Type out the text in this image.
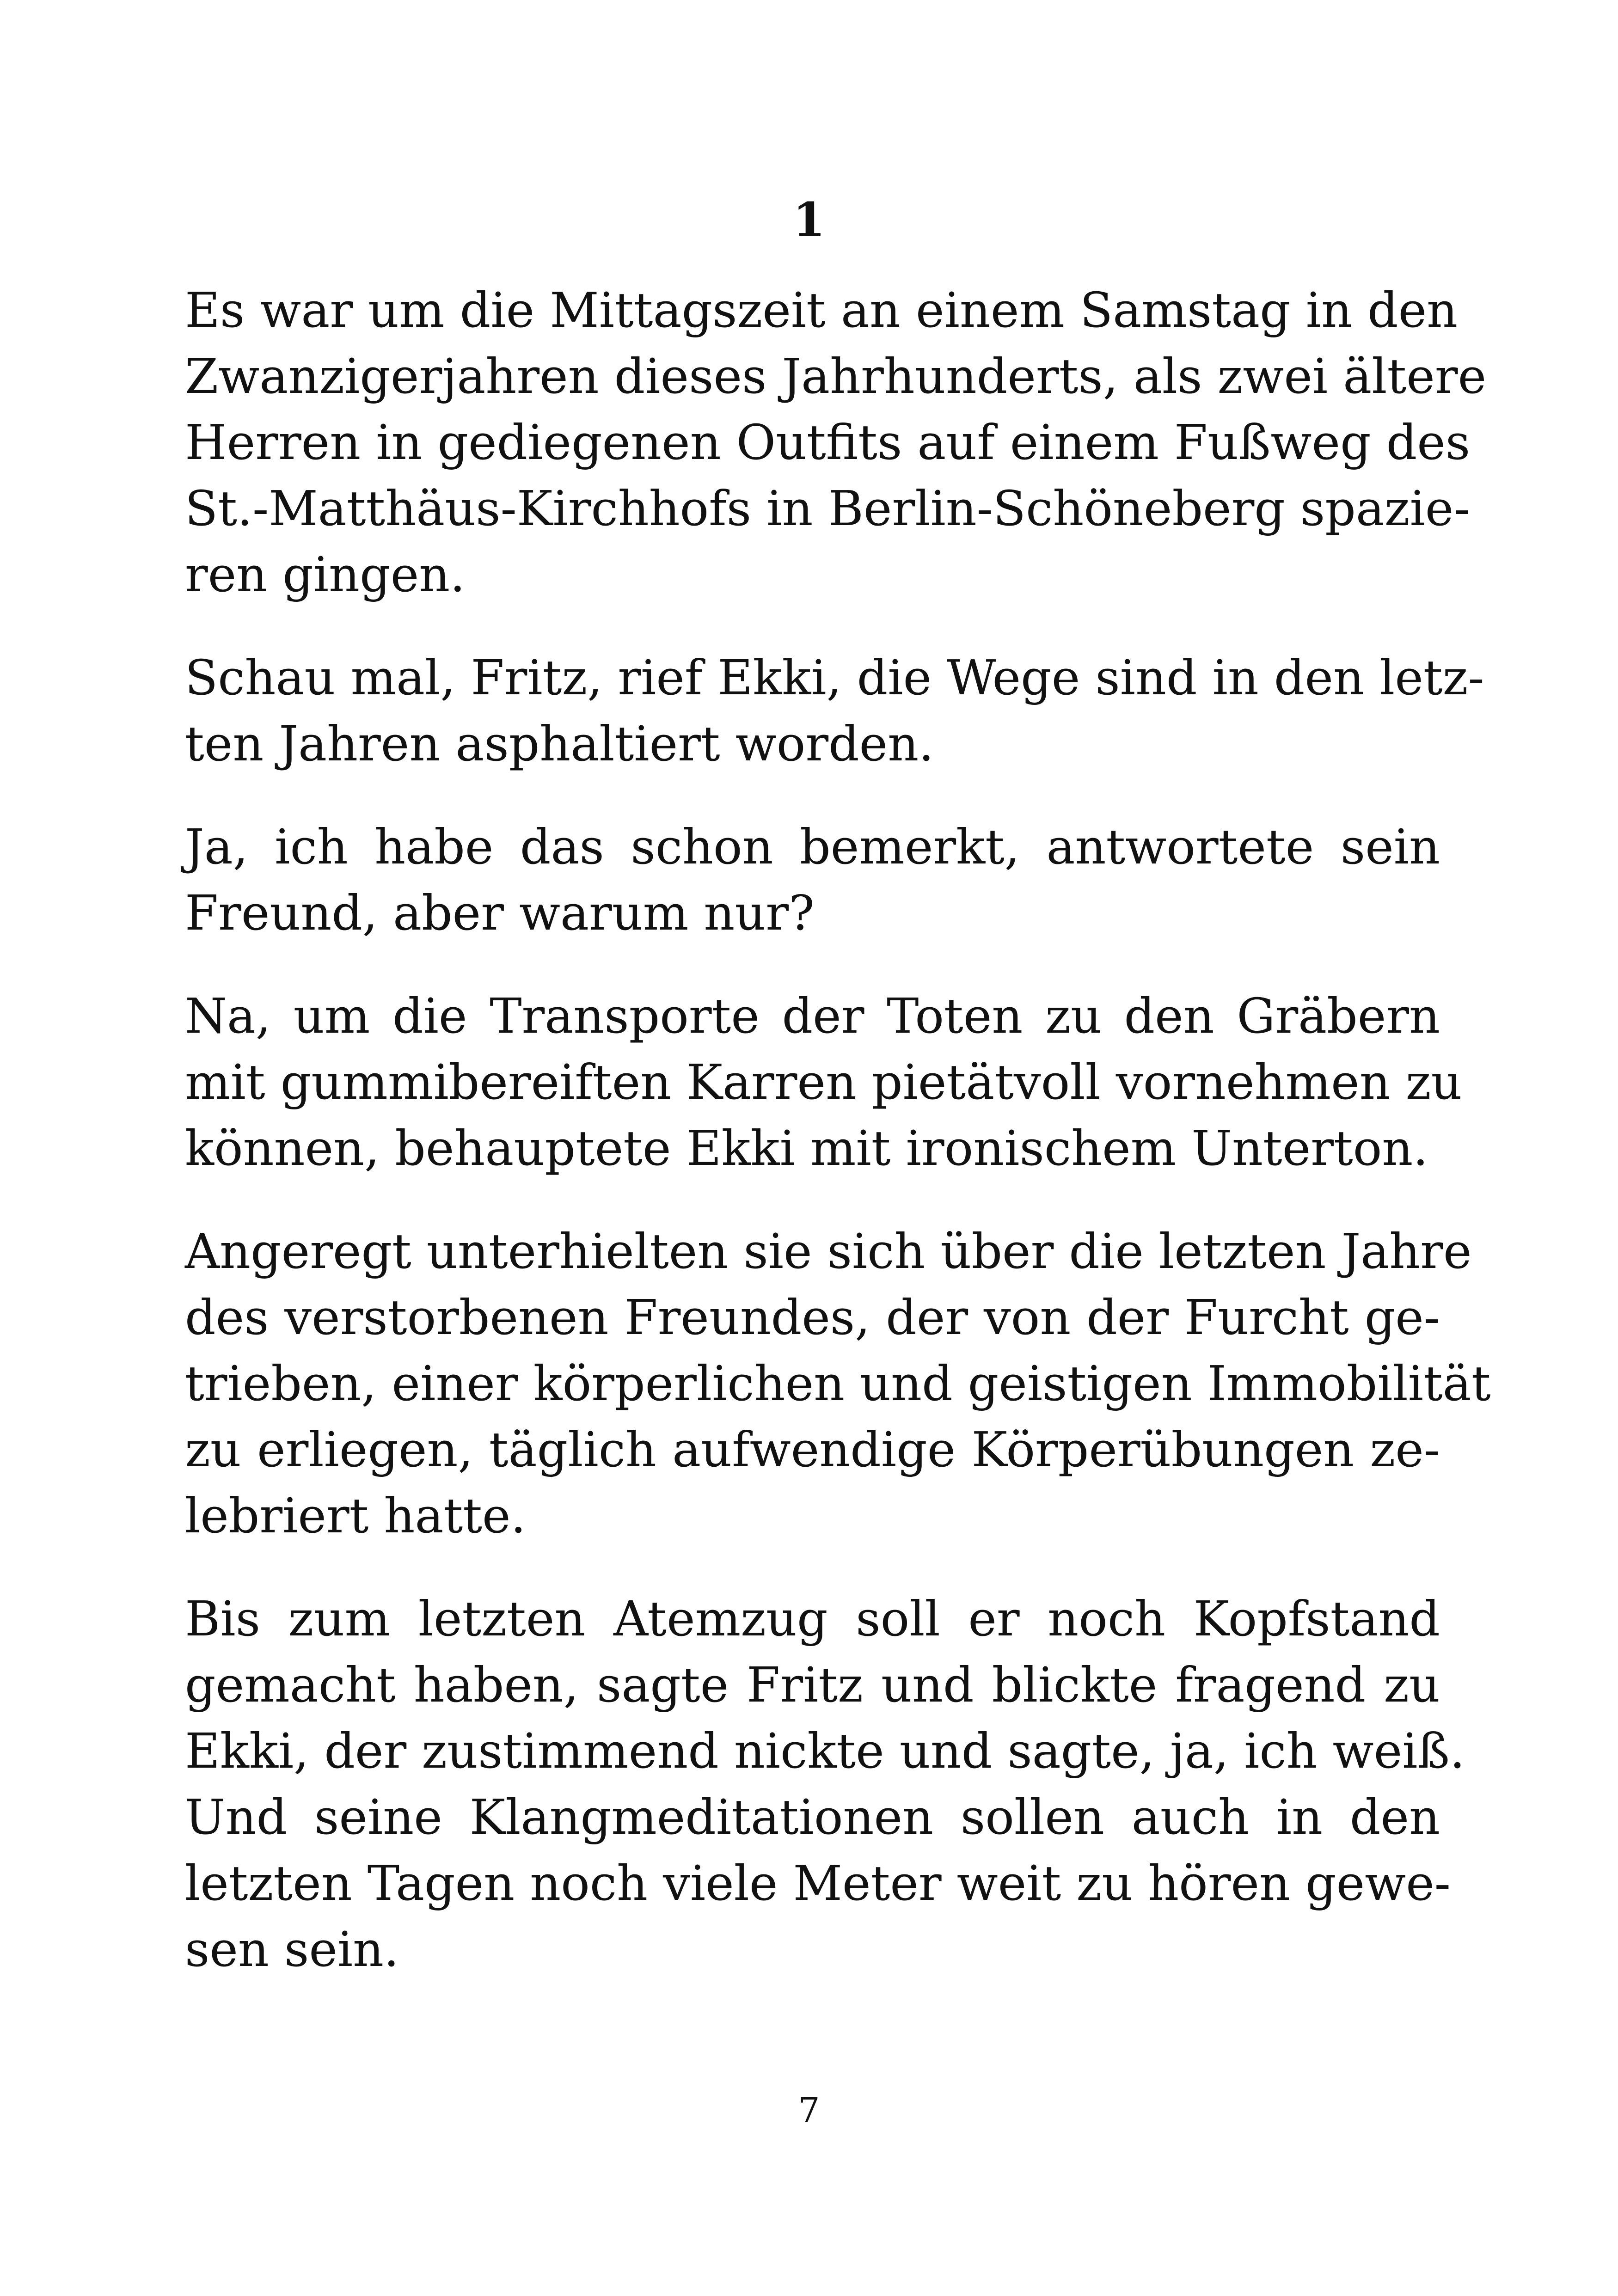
1
Es war um die Mittagszeit an einem Samstag in den
Zwanzigerjahren dieses Jahrhunderts, als zwei ältere
Herren in gediegenen Outfits auf einem Fußweg des
St.-Matthäus-Kirchhofs in Berlin-Schöneberg spazie-
ren gingen.
Schau mal, Fritz, rief Ekki, die Wege sind in den letz-
ten Jahren asphaltiert worden.
Ja, ich habe das schon bemerkt, antwortete sein
Freund, aber warum nur?
Na, um die Transporte der Toten zu den Gräbern
mit gummibereiften Karren pietätvoll vornehmen zu
können, behauptete Ekki mit ironischem Unterton.
Angeregt unterhielten sie sich über die letzten Jahre
des verstorbenen Freundes, der von der Furcht ge-
trieben, einer körperlichen und geistigen Immobilität
zu erliegen, täglich aufwendige Körperübungen ze-
lebriert hatte.
Bis zum letzten Atemzug soll er noch Kopfstand
gemacht haben, sagte Fritz und blickte fragend zu
Ekki, der zustimmend nickte und sagte, ja, ich weiß.
Und seine Klangmeditationen sollen auch in den
letzten Tagen noch viele Meter weit zu hören gewe-
sen sein.
7
